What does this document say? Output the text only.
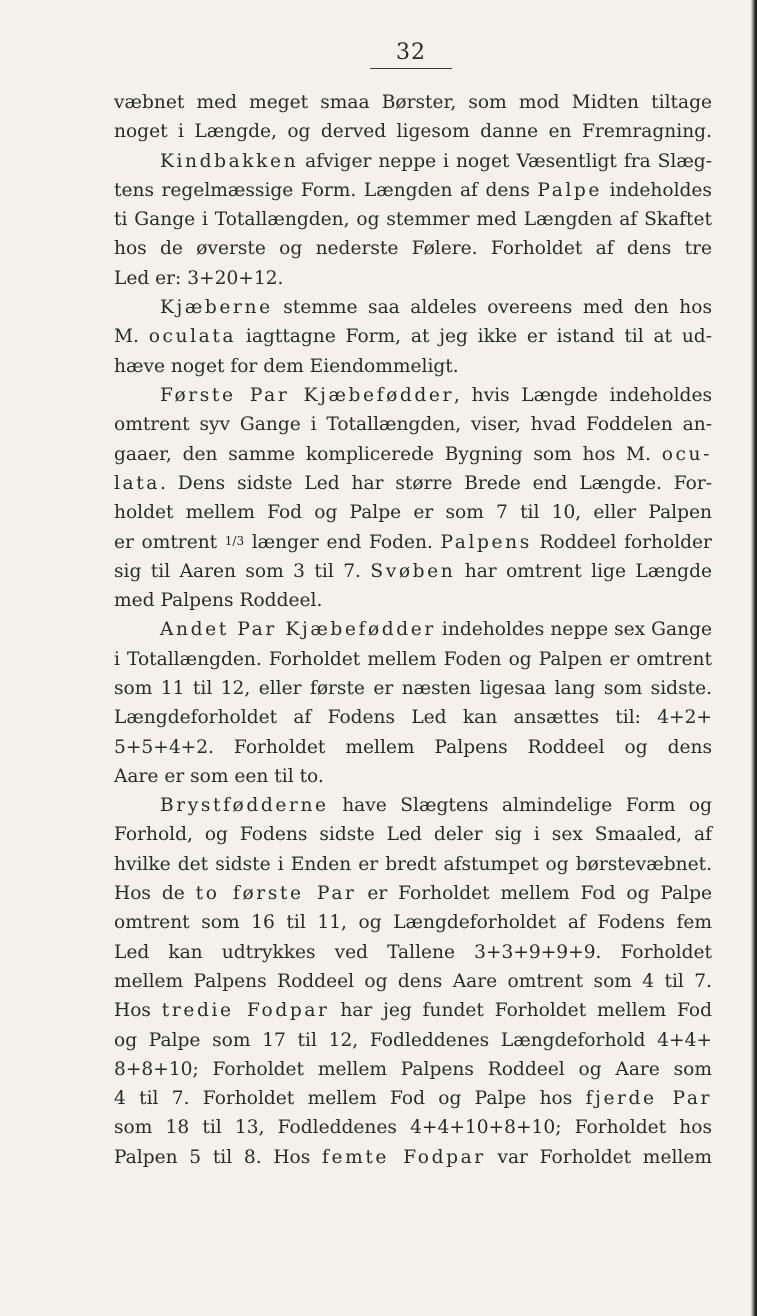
32
væbnet med meget smaa Børster, som mod Midten tiltage
noget i Længde, og derved ligesom danne en Fremragning.
Kindbakken afviger neppe i noget Væsentligt fra Slæg-
tens regelmæssige Form. Længden af dens Palpe indeholdes
ti Gange i Totallængden, og stemmer med Længden af Skaftet
hos de øverste og nederste Følere. Forholdet af dens tre
Led er: 3+20+12.
Kjæberne stemme saa aldeles overeens med den hos
M. oculata iagttagne Form, at jeg ikke er istand til at ud-
hæve noget for dem Eiendommeligt.
Første Par Kjæbefødder, hvis Længde indeholdes
omtrent syv Gange i Totallængden, viser, hvad Foddelen an-
gaaer, den samme komplicerede Bygning som hos M. ocu-
lata. Dens sidste Led har større Brede end Længde. For-
holdet mellem Fod og Palpe er som 7 til 10, eller Palpen
er omtrent 1/3 længer end Foden. Palpens Roddeel forholder
sig til Aaren som 3 til 7. Svøben har omtrent lige Længde
med Palpens Roddeel.
Andet Par Kjæbefødder indeholdes neppe sex Gange
i Totallængden. Forholdet mellem Foden og Palpen er omtrent
som 11 til 12, eller første er næsten ligesaa lang som sidste.
Længdeforholdet af Fodens Led kan ansættes til: 4+2+
5+5+4+2. Forholdet mellem Palpens Roddeel og dens
Aare er som een til to.
Brystfødderne have Slægtens almindelige Form og
Forhold, og Fodens sidste Led deler sig i sex Smaaled, af
hvilke det sidste i Enden er bredt afstumpet og børstevæbnet.
Hos de to første Par er Forholdet mellem Fod og Palpe
omtrent som 16 til 11, og Længdeforholdet af Fodens fem
Led kan udtrykkes ved Tallene 3+3+9+9+9. Forholdet
mellem Palpens Roddeel og dens Aare omtrent som 4 til 7.
Hos tredie Fodpar har jeg fundet Forholdet mellem Fod
og Palpe som 17 til 12, Fodleddenes Længdeforhold 4+4+
8+8+10; Forholdet mellem Palpens Roddeel og Aare som
4 til 7. Forholdet mellem Fod og Palpe hos fjerde Par
som 18 til 13, Fodleddenes 4+4+10+8+10; Forholdet hos
Palpen 5 til 8. Hos femte Fodpar var Forholdet mellem
